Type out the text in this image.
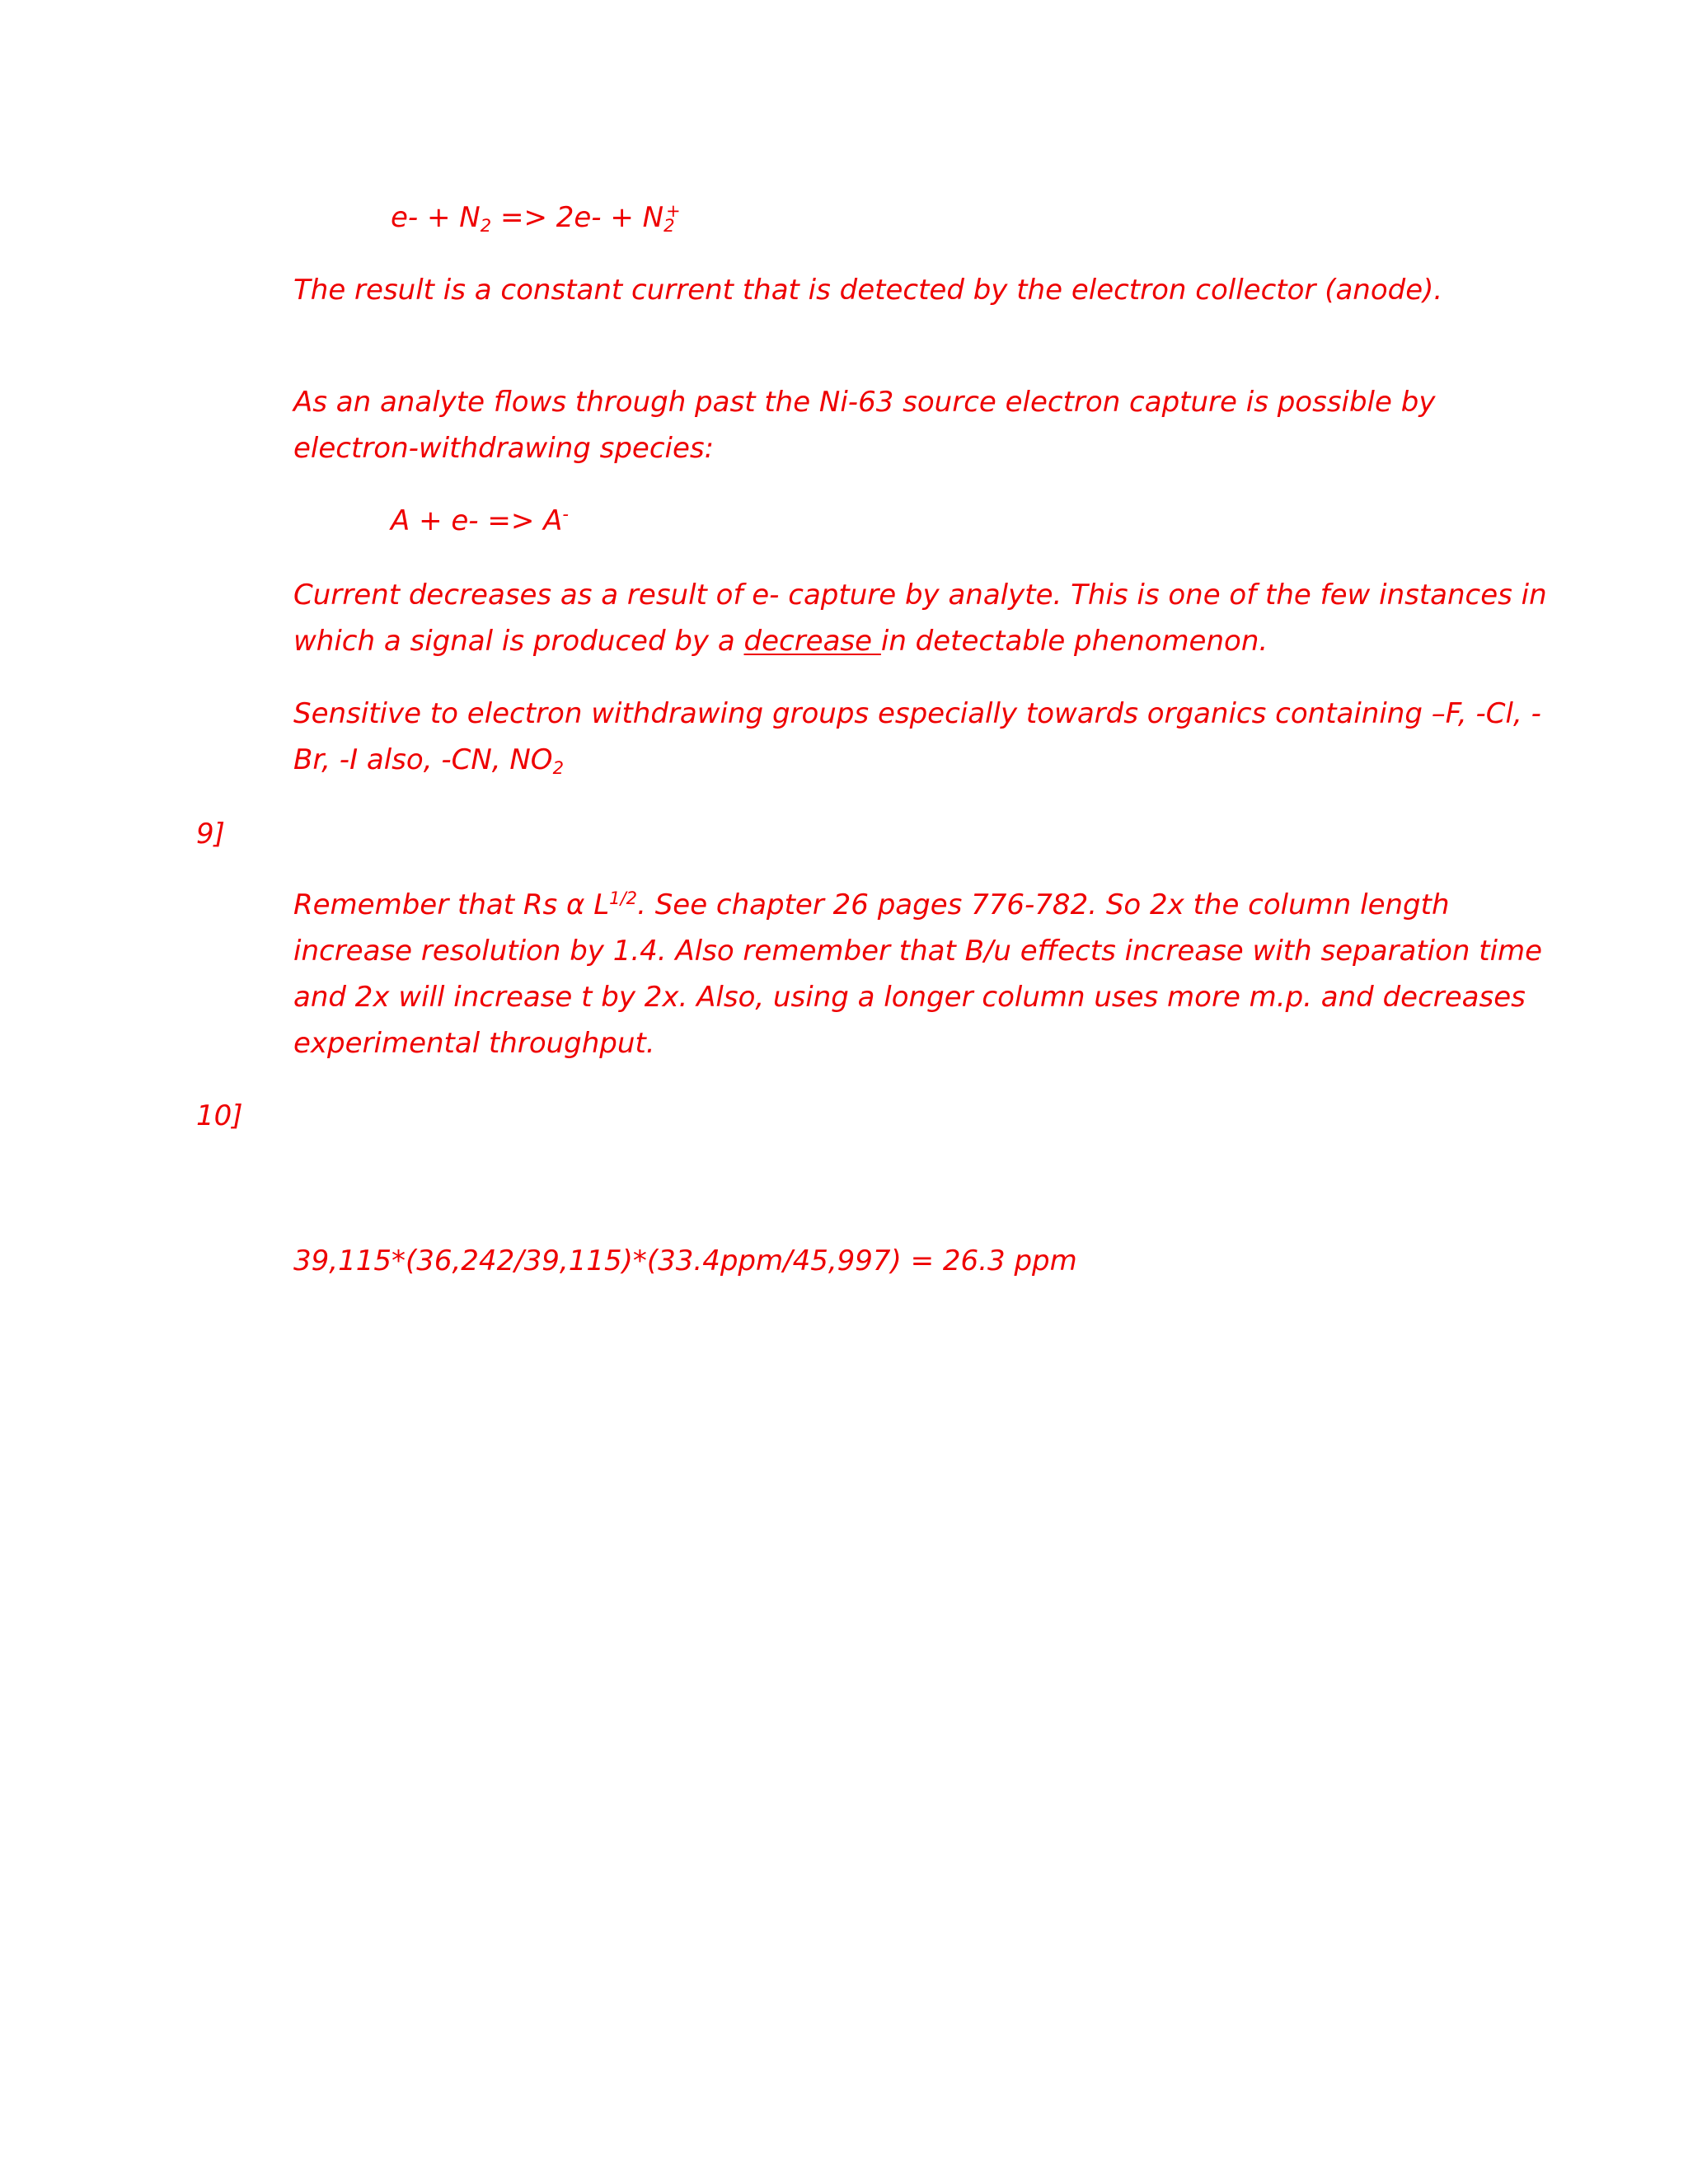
$e- + N_2 => 2e- + N_2^+$
The result is a constant current that is detected by the electron collector (anode).
As an analyte flows through past the Ni-63 source electron capture is possible by
electron-withdrawing species:
A + e- => A-
Current decreases as a result of e- capture by analyte. This is one of the few instances in
which a signal is produced by a decrease in detectable phenomenon.
Sensitive to electron withdrawing groups especially towards organics containing –F, -Cl, -
Br, -I also, -CN, $NO_2$
9]
Remember that Rs α $L^{1/2}$. See chapter 26 pages 776-782. So 2x the column length
increase resolution by 1.4. Also remember that B/u effects increase with separation time
and 2x will increase t by 2x. Also, using a longer column uses more m.p. and decreases
experimental throughput.
10]
39,115*(36,242/39,115)*(33.4ppm/45,997) = 26.3 ppm
